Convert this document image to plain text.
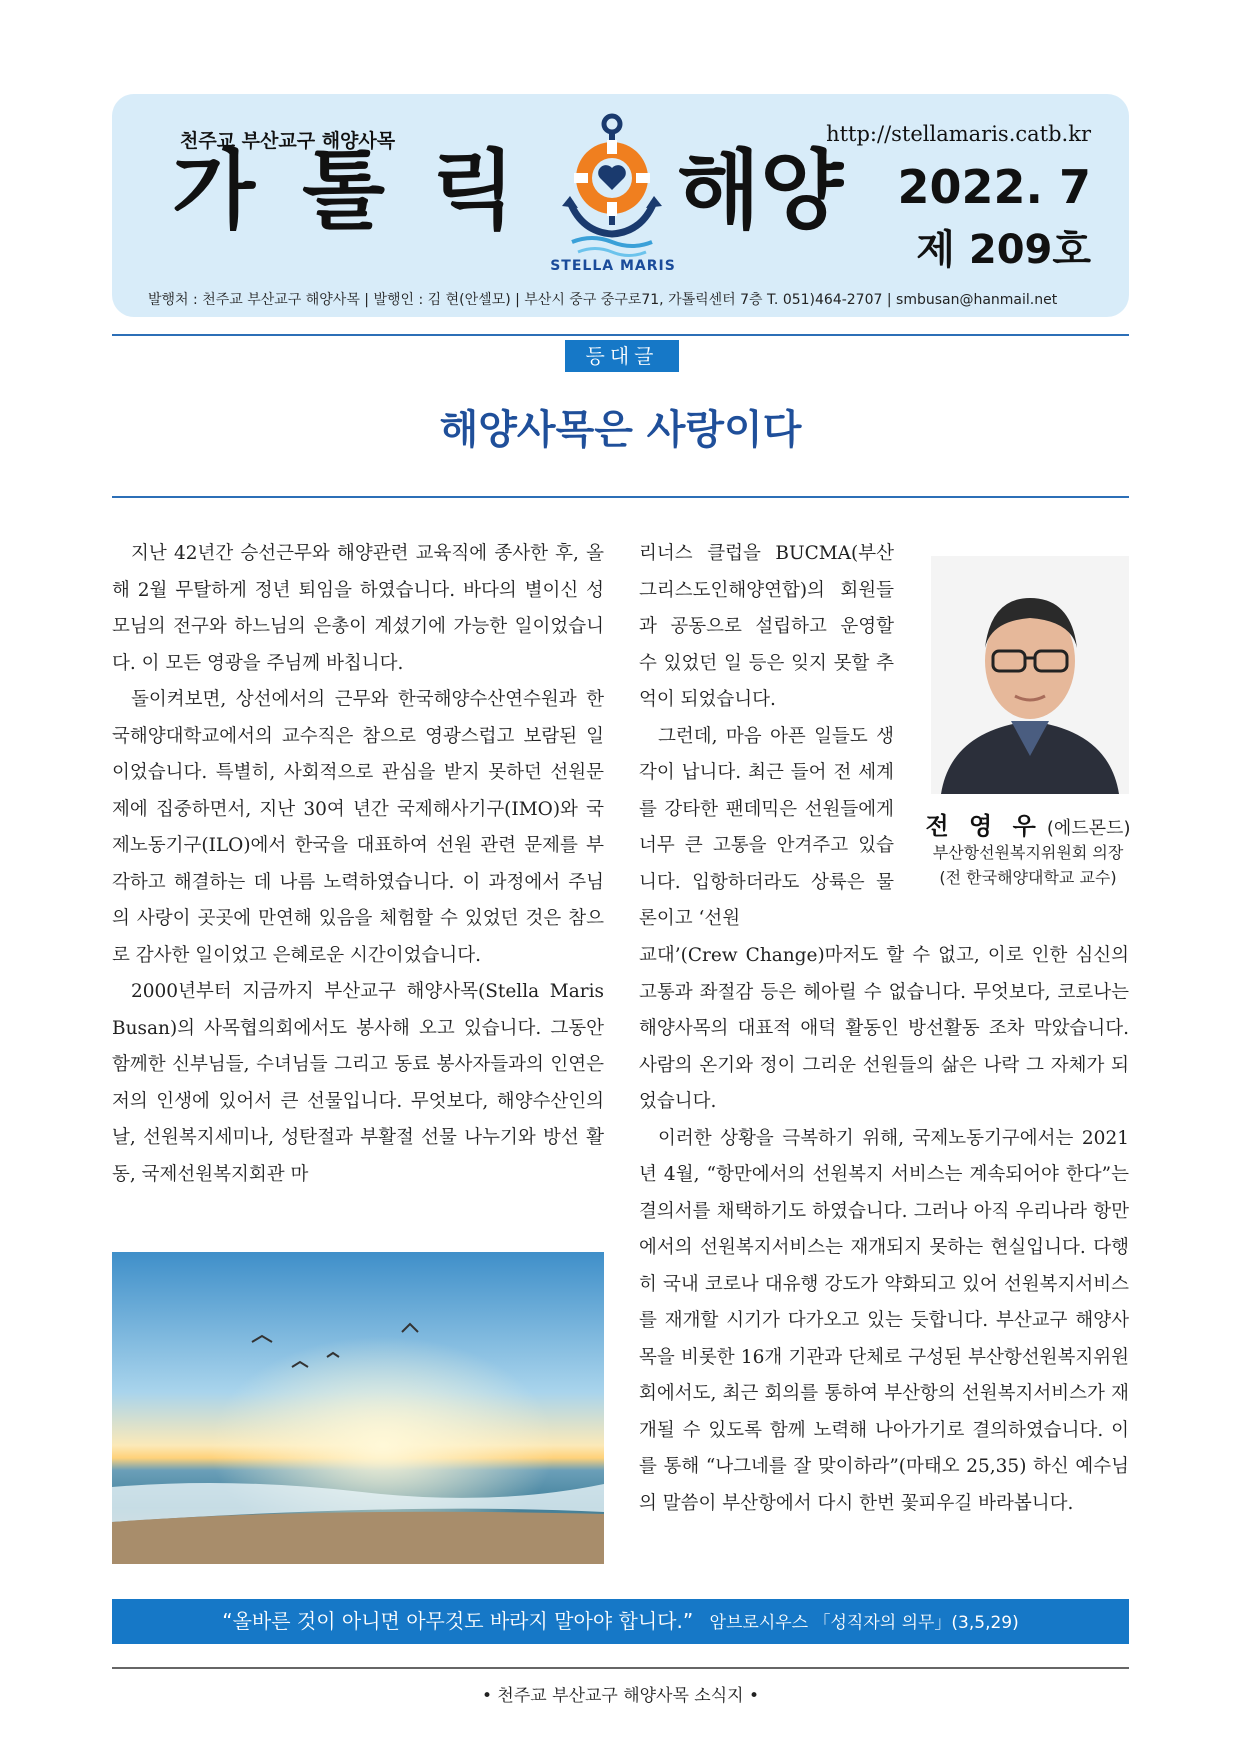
천주교 부산교구 해양사목
가 톨 릭 해양
STELLA MARIS
http://stellamaris.catb.kr
2022. 7
제 209호
발행처 : 천주교 부산교구 해양사목 | 발행인 : 김 현(안셀모) | 부산시 중구 중구로71, 가톨릭센터 7층 T. 051)464-2707 | smbusan@hanmail.net
등대글
해양사목은 사랑이다

지난 42년간 승선근무와 해양관련 교육직에 종사한 후, 올해 2월 무탈하게 정년 퇴임을 하였습니다. 바다의 별이신 성모님의 전구와 하느님의 은총이 계셨기에 가능한 일이었습니다. 이 모든 영광을 주님께 바칩니다.

돌이켜보면, 상선에서의 근무와 한국해양수산연수원과 한국해양대학교에서의 교수직은 참으로 영광스럽고 보람된 일이었습니다. 특별히, 사회적으로 관심을 받지 못하던 선원문제에 집중하면서, 지난 30여 년간 국제해사기구(IMO)와 국제노동기구(ILO)에서 한국을 대표하여 선원 관련 문제를 부각하고 해결하는 데 나름 노력하였습니다. 이 과정에서 주님의 사랑이 곳곳에 만연해 있음을 체험할 수 있었던 것은 참으로 감사한 일이었고 은혜로운 시간이었습니다.

2000년부터 지금까지 부산교구 해양사목(Stella Maris Busan)의 사목협의회에서도 봉사해 오고 있습니다. 그동안 함께한 신부님들, 수녀님들 그리고 동료 봉사자들과의 인연은 저의 인생에 있어서 큰 선물입니다. 무엇보다, 해양수산인의 날, 선원복지세미나, 성탄절과 부활절 선물 나누기와 방선 활동, 국제선원복지회관 마

리너스 클럽을 BUCMA(부산그리스도인해양연합)의 회원들과 공동으로 설립하고 운영할 수 있었던 일 등은 잊지 못할 추억이 되었습니다.

그런데, 마음 아픈 일들도 생각이 납니다. 최근 들어 전 세계를 강타한 팬데믹은 선원들에게 너무 큰 고통을 안겨주고 있습니다. 입항하더라도 상륙은 물론이고 ‘선원

전 영 우 (에드몬드)
부산항선원복지위원회 의장
(전 한국해양대학교 교수)

교대’(Crew Change)마저도 할 수 없고, 이로 인한 심신의 고통과 좌절감 등은 헤아릴 수 없습니다. 무엇보다, 코로나는 해양사목의 대표적 애덕 활동인 방선활동 조차 막았습니다. 사람의 온기와 정이 그리운 선원들의 삶은 나락 그 자체가 되었습니다.

이러한 상황을 극복하기 위해, 국제노동기구에서는 2021년 4월, “항만에서의 선원복지 서비스는 계속되어야 한다”는 결의서를 채택하기도 하였습니다. 그러나 아직 우리나라 항만에서의 선원복지서비스는 재개되지 못하는 현실입니다. 다행히 국내 코로나 대유행 강도가 약화되고 있어 선원복지서비스를 재개할 시기가 다가오고 있는 듯합니다. 부산교구 해양사목을 비롯한 16개 기관과 단체로 구성된 부산항선원복지위원회에서도, 최근 회의를 통하여 부산항의 선원복지서비스가 재개될 수 있도록 함께 노력해 나아가기로 결의하였습니다. 이를 통해 “나그네를 잘 맞이하라”(마태오 25,35) 하신 예수님의 말씀이 부산항에서 다시 한번 꽃피우길 바라봅니다.

“올바른 것이 아니면 아무것도 바라지 말아야 합니다.” 암브로시우스 「성직자의 의무」(3,5,29)
• 천주교 부산교구 해양사목 소식지 •
